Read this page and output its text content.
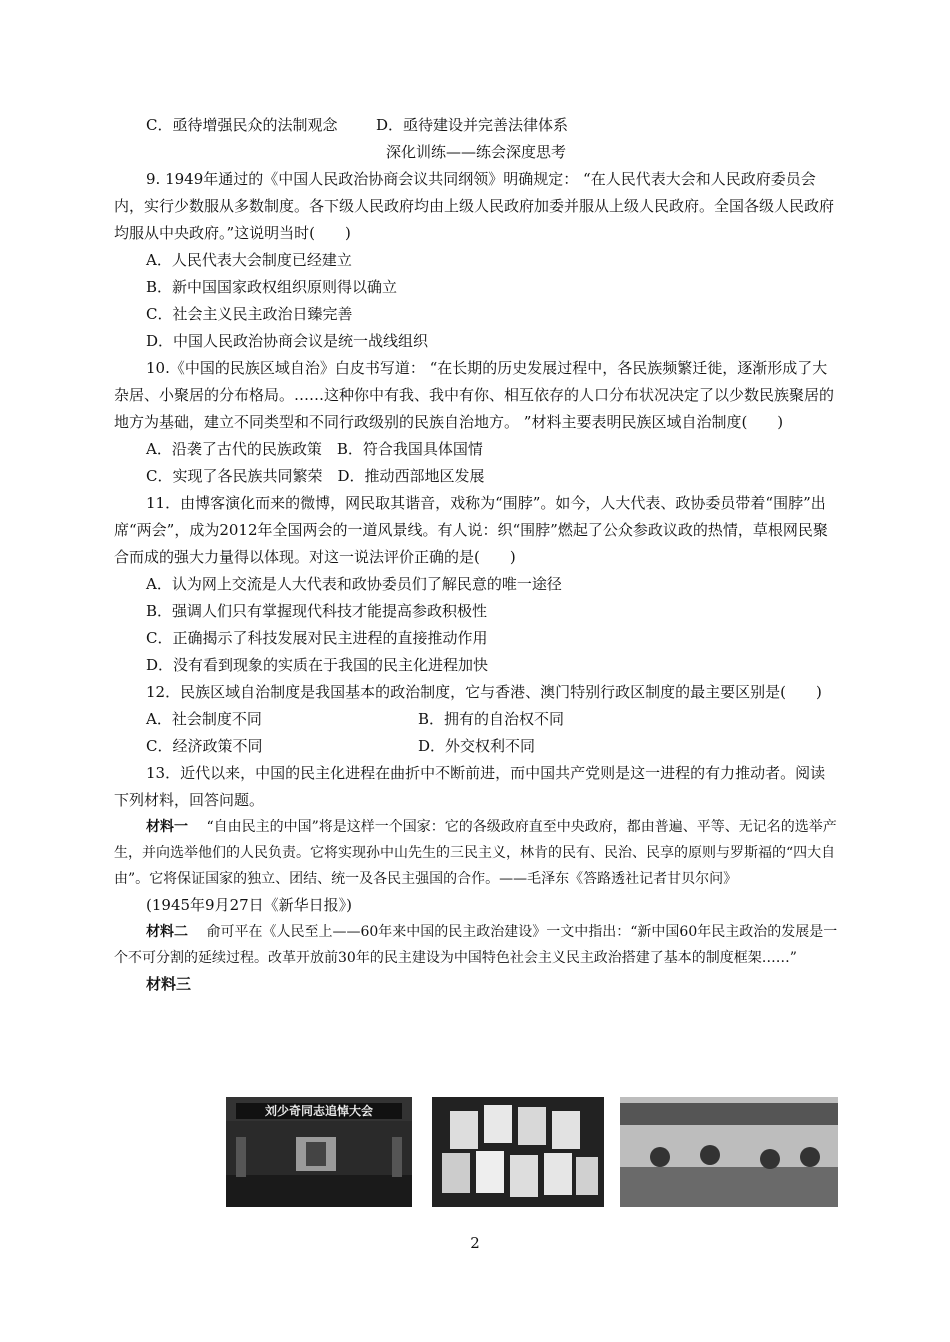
C．亟待增强民众的法制观念	D．亟待建设并完善法律体系
深化训练——练会深度思考
9. 1949年通过的《中国人民政治协商会议共同纲领》明确规定： “在人民代表大会和人民政府委员会内，实行少数服从多数制度。各下级人民政府均由上级人民政府加委并服从上级人民政府。全国各级人民政府均服从中央政府。”这说明当时(　　)
A．人民代表大会制度已经建立
B．新中国国家政权组织原则得以确立
C．社会主义民主政治日臻完善
D．中国人民政治协商会议是统一战线组织
10.《中国的民族区域自治》白皮书写道： “在长期的历史发展过程中，各民族频繁迁徙，逐渐形成了大杂居、小聚居的分布格局。……这种你中有我、我中有你、相互依存的人口分布状况决定了以少数民族聚居的地方为基础，建立不同类型和不同行政级别的民族自治地方。 ”材料主要表明民族区域自治制度(　　)
A．沿袭了古代的民族政策　B．符合我国具体国情
C．实现了各民族共同繁荣　D．推动西部地区发展
11．由博客演化而来的微博，网民取其谐音，戏称为“围脖”。如今，人大代表、政协委员带着“围脖”出席“两会”，成为2012年全国两会的一道风景线。有人说：织“围脖”燃起了公众参政议政的热情，草根网民聚合而成的强大力量得以体现。对这一说法评价正确的是(　　)
A．认为网上交流是人大代表和政协委员们了解民意的唯一途径
B．强调人们只有掌握现代科技才能提高参政积极性
C．正确揭示了科技发展对民主进程的直接推动作用
D．没有看到现象的实质在于我国的民主化进程加快
12．民族区域自治制度是我国基本的政治制度，它与香港、澳门特别行政区制度的最主要区别是(　　)
A．社会制度不同	B．拥有的自治权不同
C．经济政策不同	D．外交权利不同
13．近代以来，中国的民主化进程在曲折中不断前进，而中国共产党则是这一进程的有力推动者。阅读下列材料，回答问题。
材料一　 “自由民主的中国”将是这样一个国家：它的各级政府直至中央政府，都由普遍、平等、无记名的选举产生，并向选举他们的人民负责。它将实现孙中山先生的三民主义，林肯的民有、民治、民享的原则与罗斯福的“四大自由”。它将保证国家的独立、团结、统一及各民主强国的合作。——毛泽东《答路透社记者甘贝尔问》
(1945年9月27日《新华日报》)
材料二　 俞可平在《人民至上——60年来中国的民主政治建设》一文中指出：“新中国60年民主政治的发展是一个不可分割的延续过程。改革开放前30年的民主建设为中国特色社会主义民主政治搭建了基本的制度框架……”
材料三
刘少奇同志追悼大会
2
